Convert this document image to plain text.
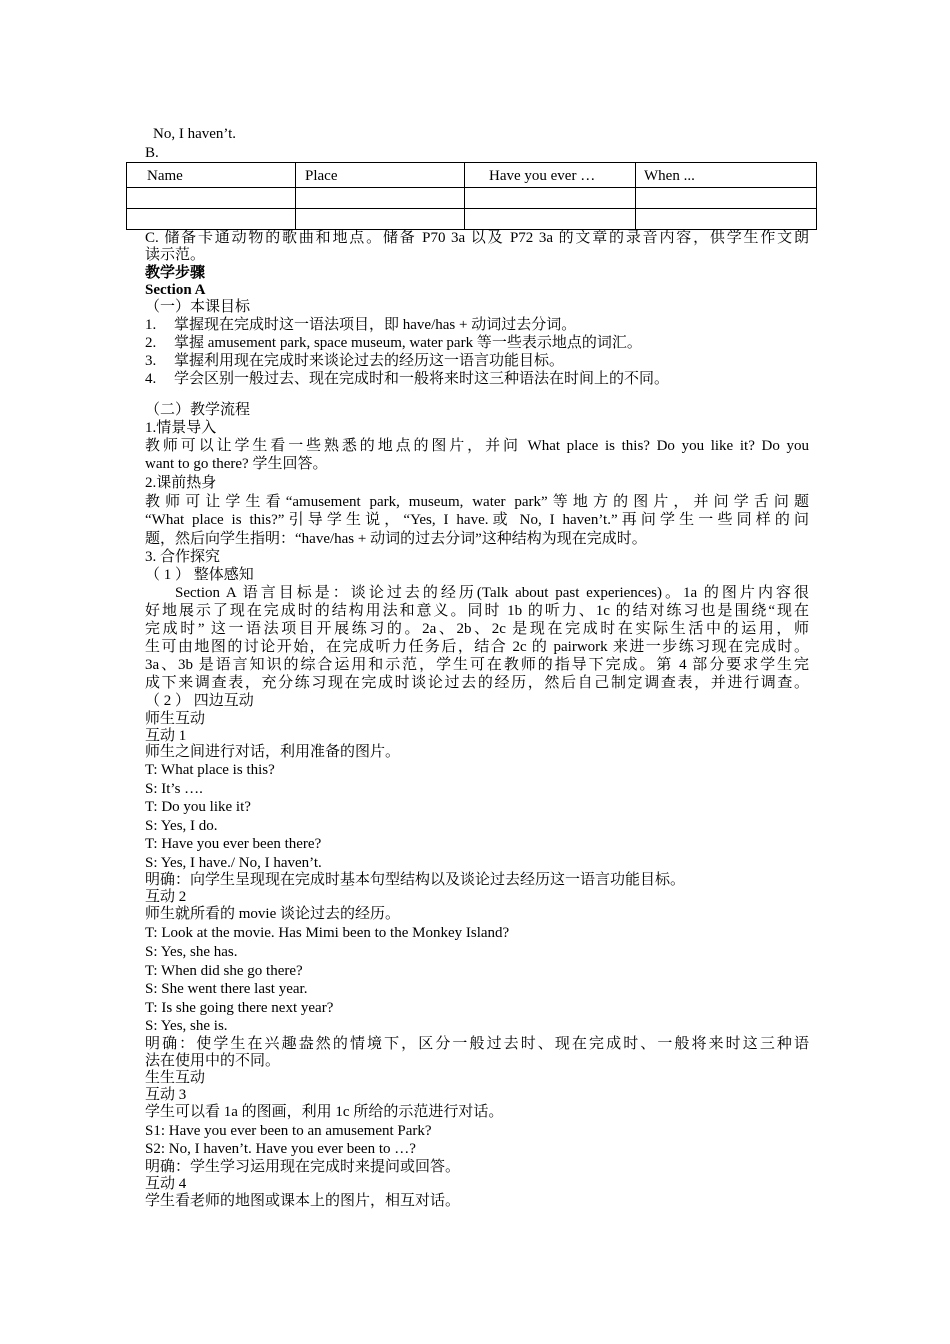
No, I haven’t.
B.
Name	Place	Have you ever …	When ...

C. 储备卡通动物的歌曲和地点。储备 P70 3a 以及 P72 3a 的文章的录音内容，供学生作文朗
读示范。
教学步骤
Section A
（一）本课目标
1. 掌握现在完成时这一语法项目，即 have/has + 动词过去分词。
2. 掌握 amusement park, space museum, water park 等一些表示地点的词汇。
3. 掌握利用现在完成时来谈论过去的经历这一语言功能目标。
4. 学会区别一般过去、现在完成时和一般将来时这三种语法在时间上的不同。
（二）教学流程
1.情景导入
教师可以让学生看一些熟悉的地点的图片，并问 What place is this? Do you like it? Do you
want to go there? 学生回答。
2.课前热身
教师可让学生看“amusement park, museum, water park”等地方的图片，并问学舌问题
“What place is this?”引导学生说，“Yes, I have.或 No, I haven’t.”再问学生一些同样的问
题，然后向学生指明：“have/has + 动词的过去分词”这种结构为现在完成时。
3. 合作探究
（ 1 ） 整体感知
Section A 语言目标是：谈论过去的经历(Talk about past experiences)。1a 的图片内容很
好地展示了现在完成时的结构用法和意义。同时 1b 的听力、1c 的结对练习也是围绕“现在
完成时” 这一语法项目开展练习的。2a、2b、2c 是现在完成时在实际生活中的运用，师
生可由地图的讨论开始，在完成听力任务后，结合 2c 的 pairwork 来进一步练习现在完成时。
3a、3b 是语言知识的综合运用和示范，学生可在教师的指导下完成。第 4 部分要求学生完
成下来调查表，充分练习现在完成时谈论过去的经历，然后自己制定调查表，并进行调查。
（ 2 ） 四边互动
师生互动
互动 1
师生之间进行对话，利用准备的图片。
T: What place is this?
S: It’s ….
T: Do you like it?
S: Yes, I do.
T: Have you ever been there?
S: Yes, I have./ No, I haven’t.
明确：向学生呈现现在完成时基本句型结构以及谈论过去经历这一语言功能目标。
互动 2
师生就所看的 movie 谈论过去的经历。
T: Look at the movie. Has Mimi been to the Monkey Island?
S: Yes, she has.
T: When did she go there?
S: She went there last year.
T: Is she going there next year?
S: Yes, she is.
明确：使学生在兴趣盎然的情境下，区分一般过去时、现在完成时、一般将来时这三种语
法在使用中的不同。
生生互动
互动 3
学生可以看 1a 的图画，利用 1c 所给的示范进行对话。
S1: Have you ever been to an amusement Park?
S2: No, I haven’t. Have you ever been to …?
明确：学生学习运用现在完成时来提问或回答。
互动 4
学生看老师的地图或课本上的图片，相互对话。
